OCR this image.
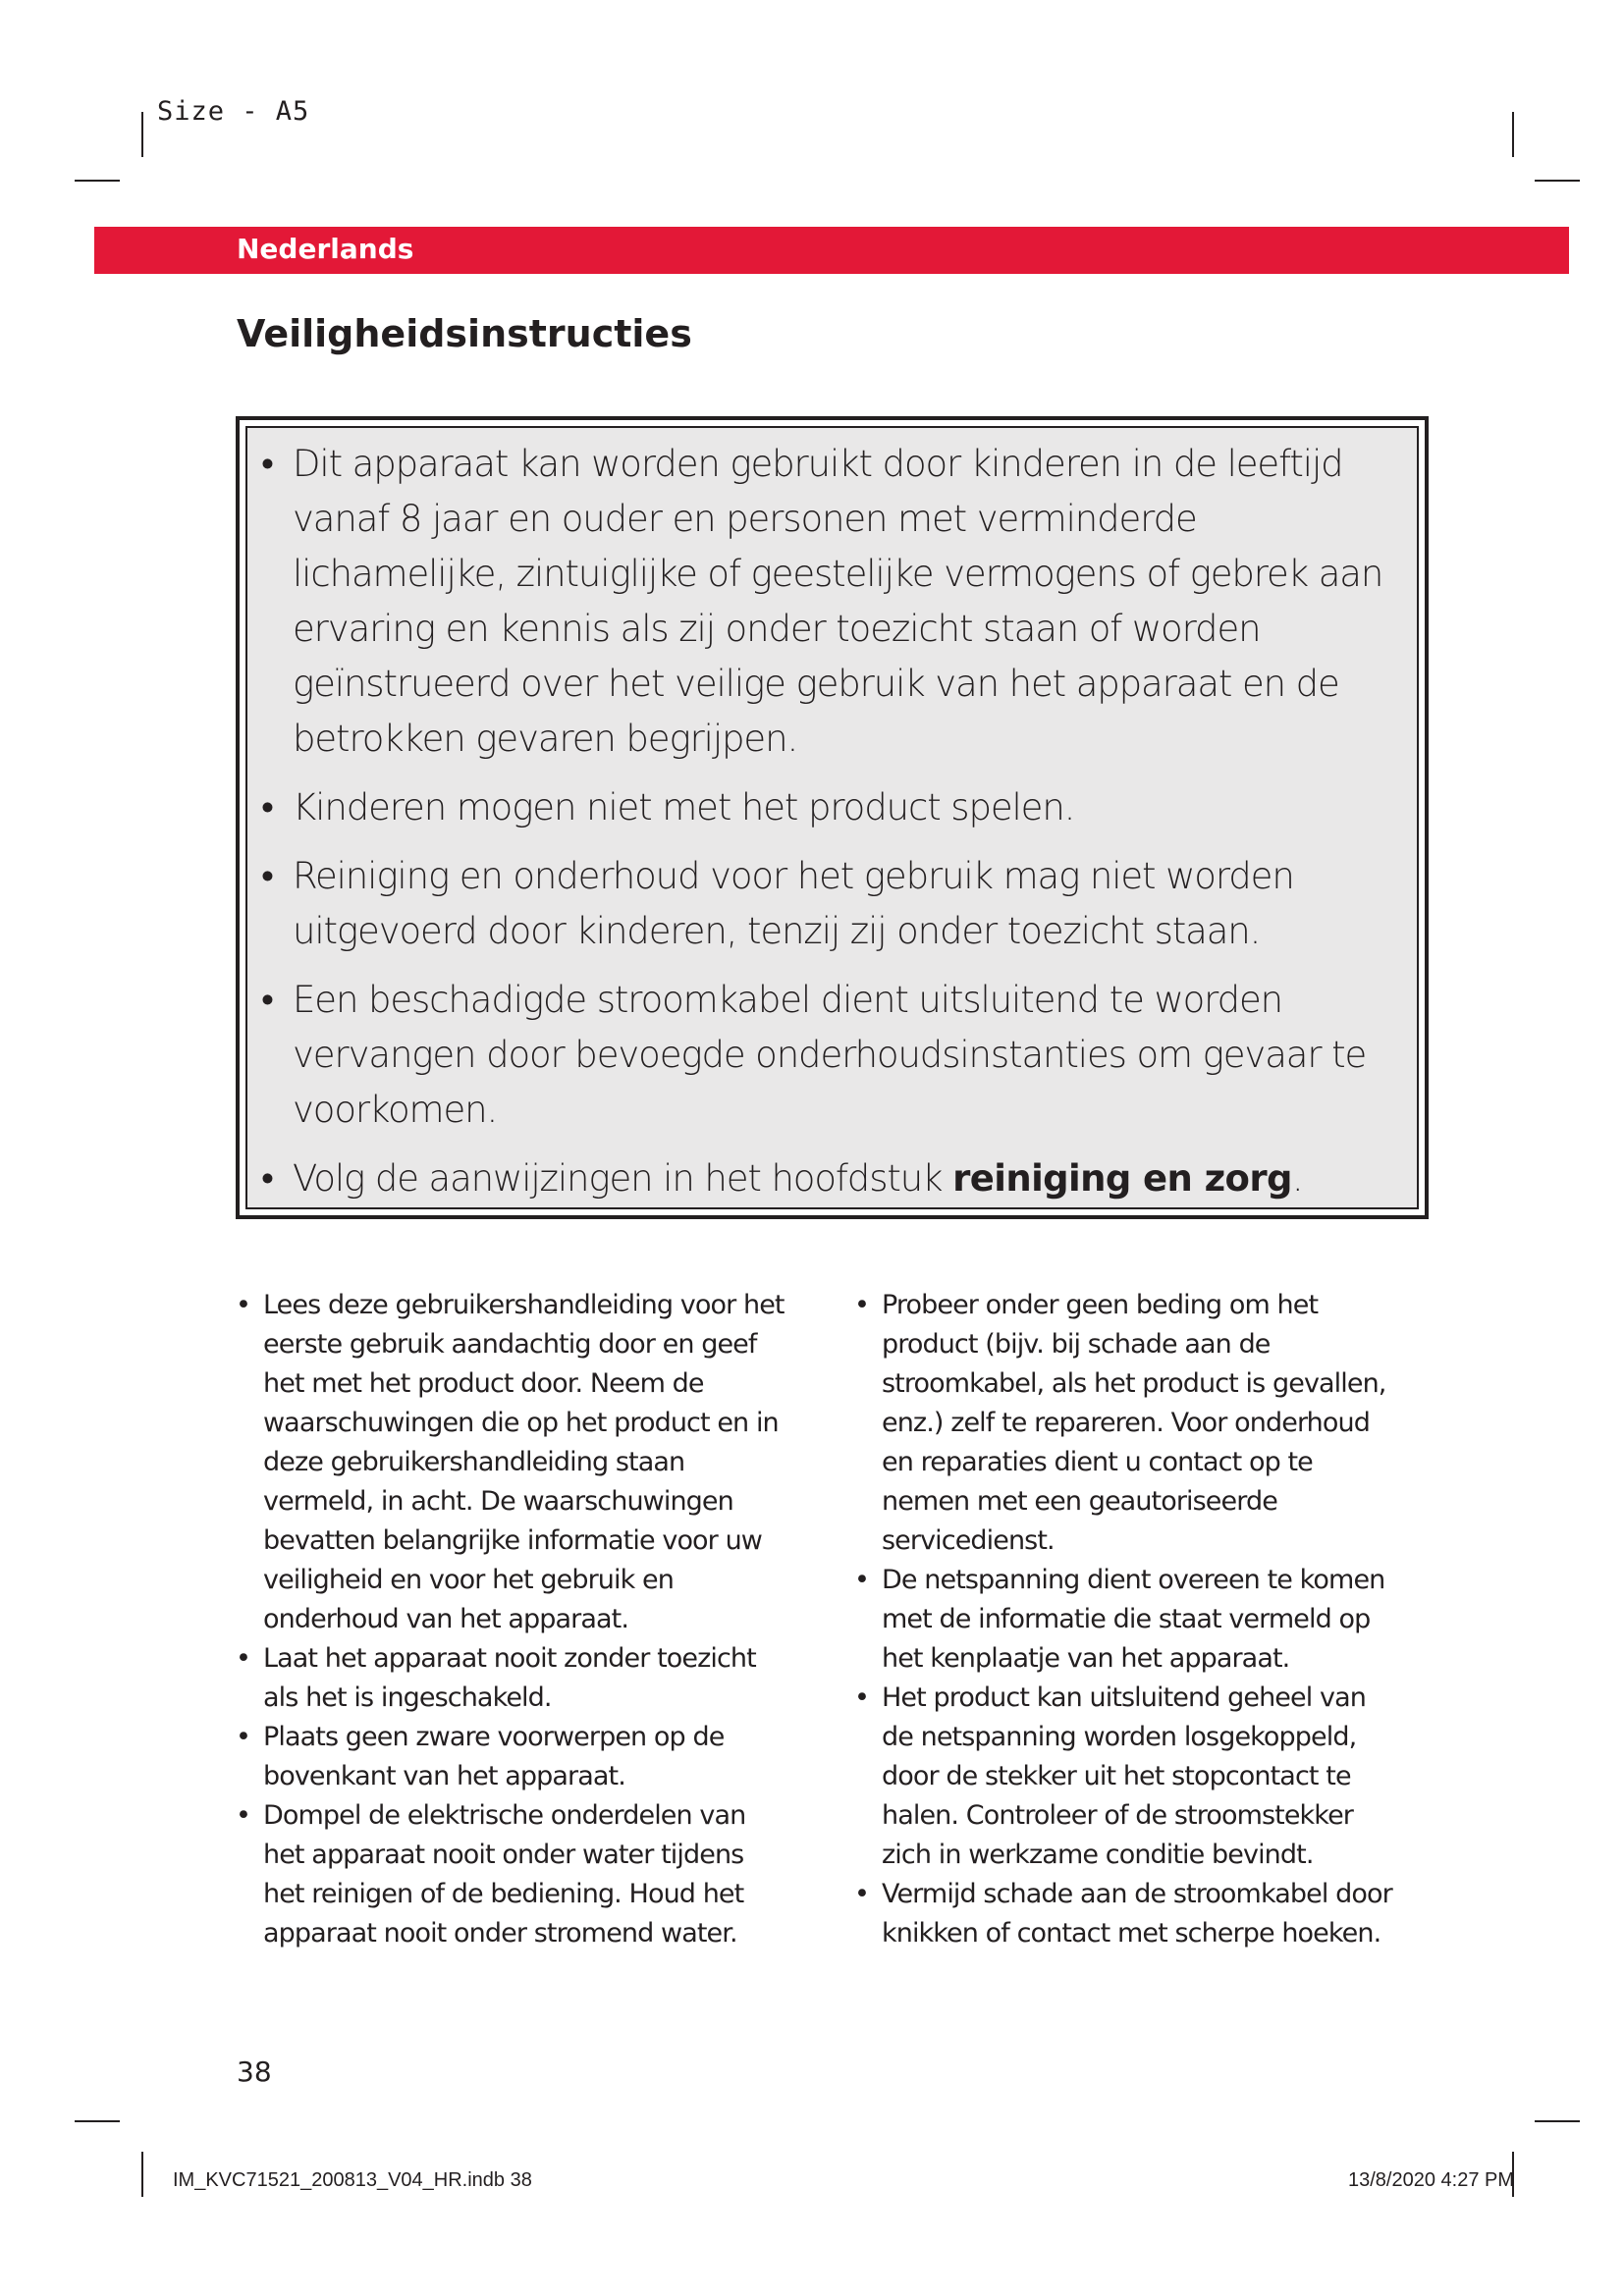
Size - A5
Nederlands
Veiligheidsinstructies
• Dit apparaat kan worden gebruikt door kinderen in de leeftijd vanaf 8 jaar en ouder en personen met verminderde lichamelijke, zintuiglijke of geestelijke vermogens of gebrek aan ervaring en kennis als zij onder toezicht staan of worden geïnstrueerd over het veilige gebruik van het apparaat en de betrokken gevaren begrijpen.
• Kinderen mogen niet met het product spelen.
• Reiniging en onderhoud voor het gebruik mag niet worden uitgevoerd door kinderen, tenzij zij onder toezicht staan.
• Een beschadigde stroomkabel dient uitsluitend te worden vervangen door bevoegde onderhoudsinstanties om gevaar te voorkomen.
• Volg de aanwijzingen in het hoofdstuk reiniging en zorg.
• Lees deze gebruikershandleiding voor het eerste gebruik aandachtig door en geef het met het product door. Neem de waarschuwingen die op het product en in deze gebruikershandleiding staan vermeld, in acht. De waarschuwingen bevatten belangrijke informatie voor uw veiligheid en voor het gebruik en onderhoud van het apparaat.
• Laat het apparaat nooit zonder toezicht als het is ingeschakeld.
• Plaats geen zware voorwerpen op de bovenkant van het apparaat.
• Dompel de elektrische onderdelen van het apparaat nooit onder water tijdens het reinigen of de bediening. Houd het apparaat nooit onder stromend water.
• Probeer onder geen beding om het product (bijv. bij schade aan de stroomkabel, als het product is gevallen, enz.) zelf te repareren. Voor onderhoud en reparaties dient u contact op te nemen met een geautoriseerde servicedienst.
• De netspanning dient overeen te komen met de informatie die staat vermeld op het kenplaatje van het apparaat.
• Het product kan uitsluitend geheel van de netspanning worden losgekoppeld, door de stekker uit het stopcontact te halen. Controleer of de stroomstekker zich in werkzame conditie bevindt.
• Vermijd schade aan de stroomkabel door knikken of contact met scherpe hoeken.
38
IM_KVC71521_200813_V04_HR.indb 38	13/8/2020 4:27 PM
